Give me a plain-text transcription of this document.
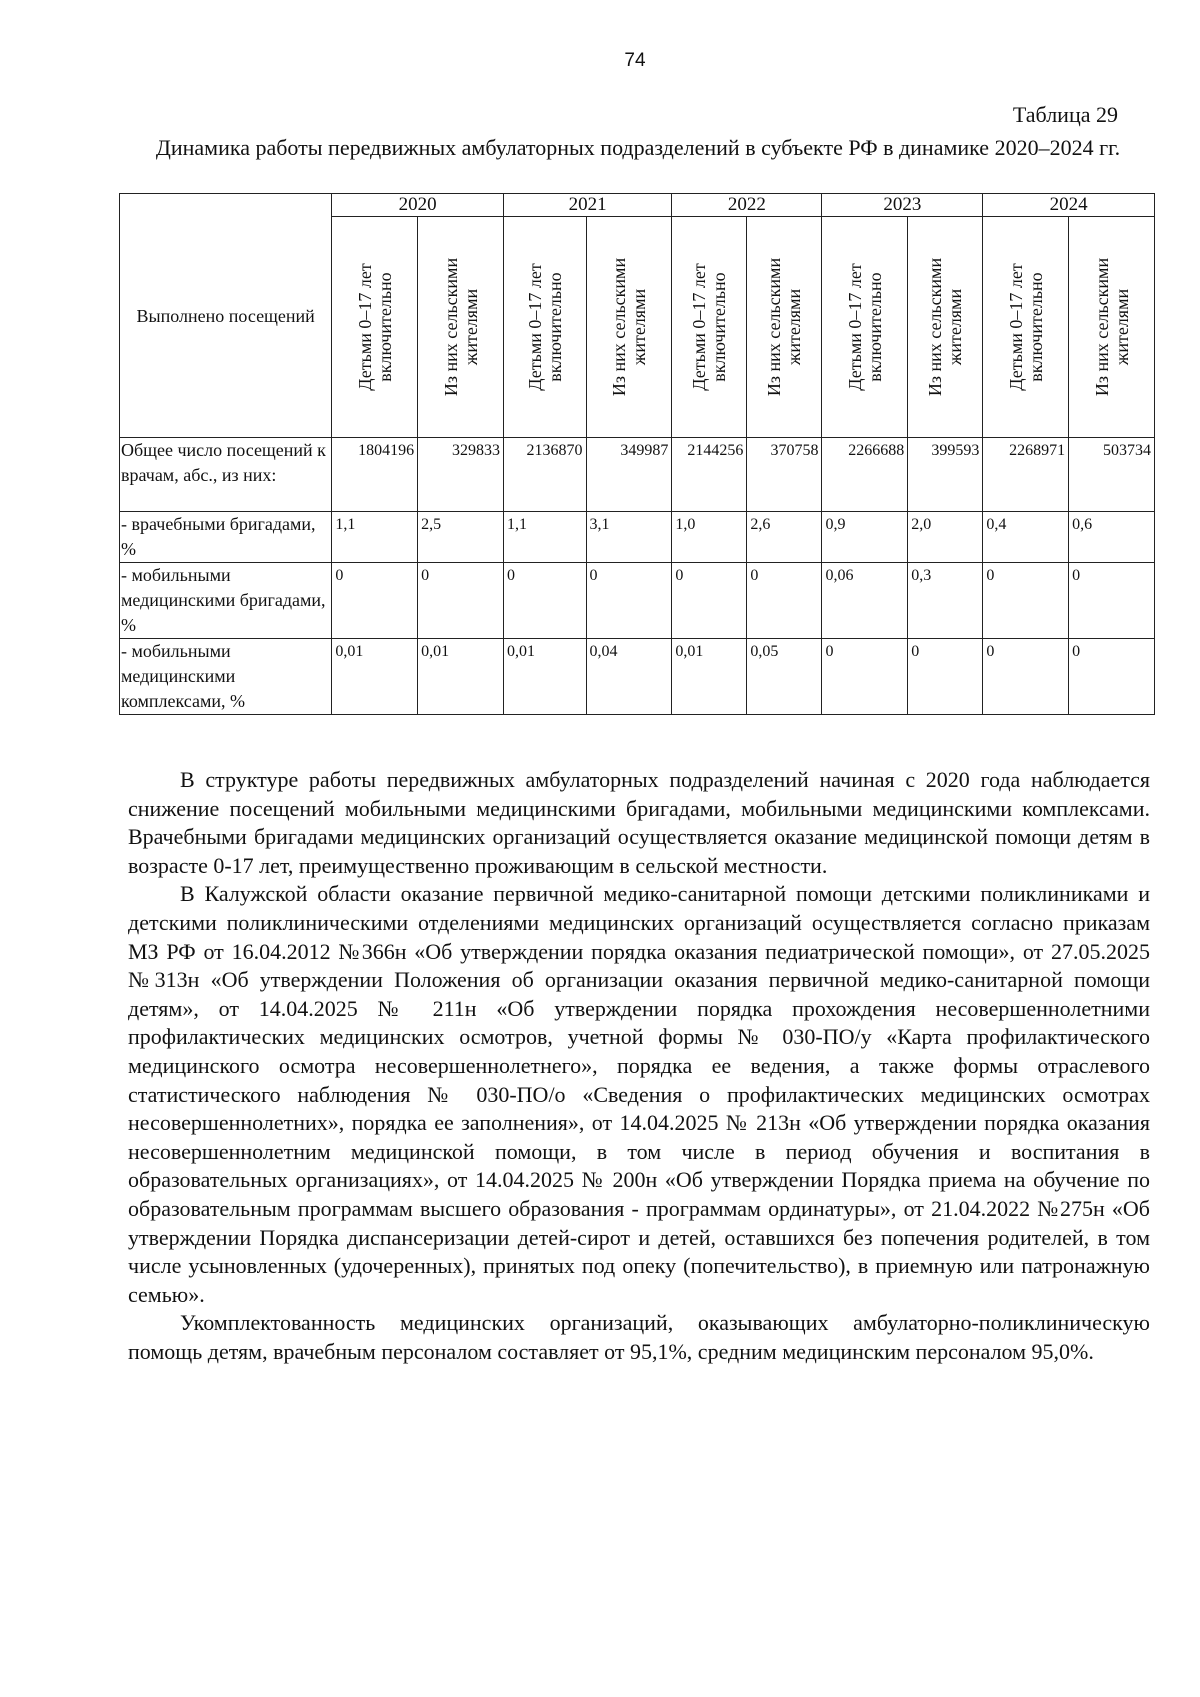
74
Таблица 29
Динамика работы передвижных амбулаторных подразделений в субъекте РФ в динамике 2020–2024 гг.
Выполнено посещений	2020		2021		2022		2023		2024	

	Детьми 0–17 лет включительно	Из них сельскими жителями	Детьми 0–17 лет включительно	Из них сельскими жителями	Детьми 0–17 лет включительно	Из них сельскими жителями	Детьми 0–17 лет включительно	Из них сельскими жителями	Детьми 0–17 лет включительно	Из них сельскими жителями

Общее число посещений к врачам, абс., из них:	1804196	329833	2136870	349987	2144256	370758	2266688	399593	2268971	503734
- врачебными бригадами, %	1,1	2,5	1,1	3,1	1,0	2,6	0,9	2,0	0,4	0,6
- мобильными медицинскими бригадами, %	0	0	0	0	0	0	0,06	0,3	0	0
- мобильными медицинскими комплексами, %	0,01	0,01	0,01	0,04	0,01	0,05	0	0	0	0

В структуре работы передвижных амбулаторных подразделений начиная с 2020 года наблюдается снижение посещений мобильными медицинскими бригадами, мобильными медицинскими комплексами. Врачебными бригадами медицинских организаций осуществляется оказание медицинской помощи детям в возрасте 0-17 лет, преимущественно проживающим в сельской местности.

В Калужской области оказание первичной медико-санитарной помощи детскими поликлиниками и детскими поликлиническими отделениями медицинских организаций осуществляется согласно приказам МЗ РФ от 16.04.2012 №366н «Об утверждении порядка оказания педиатрической помощи», от 27.05.2025 №313н «Об утверждении Положения об организации оказания первичной медико-санитарной помощи детям», от 14.04.2025 № 211н «Об утверждении порядка прохождения несовершеннолетними профилактических медицинских осмотров, учетной формы № 030-ПО/у «Карта профилактического медицинского осмотра несовершеннолетнего», порядка ее ведения, а также формы отраслевого статистического наблюдения № 030-ПО/о «Сведения о профилактических медицинских осмотрах несовершеннолетних», порядка ее заполнения», от 14.04.2025 № 213н «Об утверждении порядка оказания несовершеннолетним медицинской помощи, в том числе в период обучения и воспитания в образовательных организациях», от 14.04.2025 № 200н «Об утверждении Порядка приема на обучение по образовательным программам высшего образования - программам ординатуры», от 21.04.2022 №275н «Об утверждении Порядка диспансеризации детей-сирот и детей, оставшихся без попечения родителей, в том числе усыновленных (удочеренных), принятых под опеку (попечительство), в приемную или патронажную семью».

Укомплектованность медицинских организаций, оказывающих амбулаторно-поликлиническую помощь детям, врачебным персоналом составляет от 95,1%, средним медицинским персоналом 95,0%.
